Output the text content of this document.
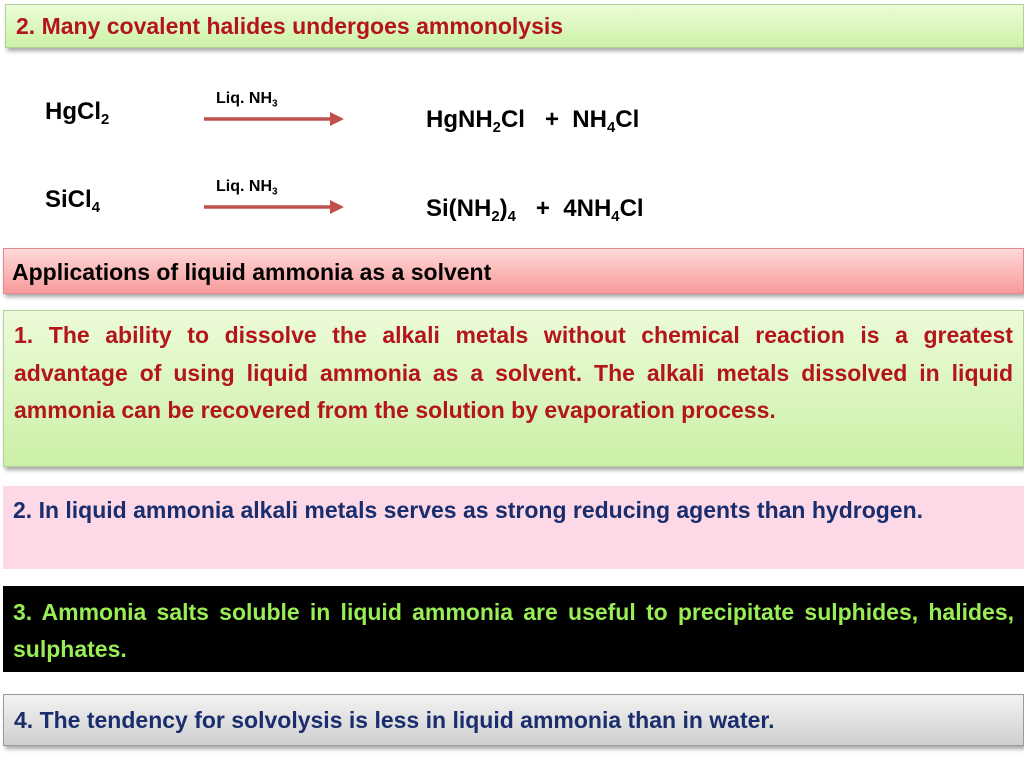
2. Many covalent halides undergoes ammonolysis
HgCl$_2$
Liq. $NH_3$
HgNH$_2$Cl   +  $NH_4Cl$
SiCl$_4$
Liq. $NH_3$
$Si(NH_2)_4 + 4NH_4Cl$
Applications of liquid ammonia as a solvent
1. The ability to dissolve the alkali metals without chemical reaction is a greatest advantage of using liquid ammonia as a solvent. The alkali metals dissolved in liquid ammonia can be recovered from the solution by evaporation process.
2. In liquid ammonia alkali metals serves as strong reducing agents than hydrogen.
3. Ammonia salts soluble in liquid ammonia are useful to precipitate sulphides, halides, sulphates.
4. The tendency for solvolysis is less in liquid ammonia than in water.
